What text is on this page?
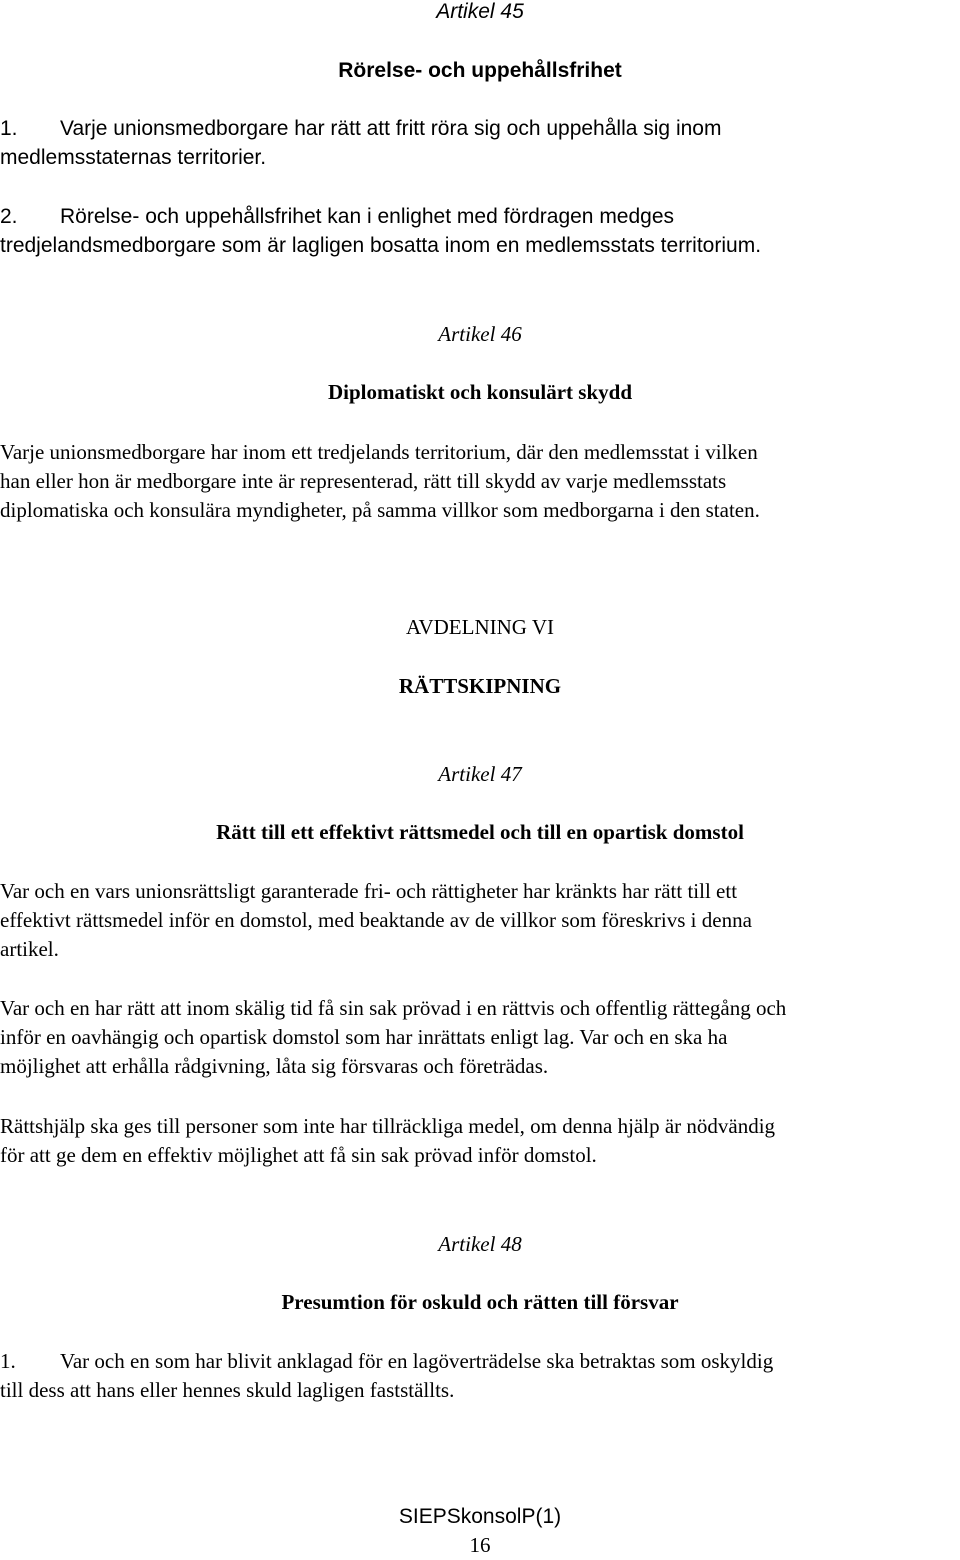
Artikel 45
Rörelse- och uppehållsfrihet
1. Varje unionsmedborgare har rätt att fritt röra sig och uppehålla sig inom
medlemsstaternas territorier.
2. Rörelse- och uppehållsfrihet kan i enlighet med fördragen medges
tredjelandsmedborgare som är lagligen bosatta inom en medlemsstats territorium.
Artikel 46
Diplomatiskt och konsulärt skydd
Varje unionsmedborgare har inom ett tredjelands territorium, där den medlemsstat i vilken
han eller hon är medborgare inte är representerad, rätt till skydd av varje medlemsstats
diplomatiska och konsulära myndigheter, på samma villkor som medborgarna i den staten.
AVDELNING VI
RÄTTSKIPNING
Artikel 47
Rätt till ett effektivt rättsmedel och till en opartisk domstol
Var och en vars unionsrättsligt garanterade fri- och rättigheter har kränkts har rätt till ett
effektivt rättsmedel inför en domstol, med beaktande av de villkor som föreskrivs i denna
artikel.
Var och en har rätt att inom skälig tid få sin sak prövad i en rättvis och offentlig rättegång och
inför en oavhängig och opartisk domstol som har inrättats enligt lag. Var och en ska ha
möjlighet att erhålla rådgivning, låta sig försvaras och företrädas.
Rättshjälp ska ges till personer som inte har tillräckliga medel, om denna hjälp är nödvändig
för att ge dem en effektiv möjlighet att få sin sak prövad inför domstol.
Artikel 48
Presumtion för oskuld och rätten till försvar
1. Var och en som har blivit anklagad för en lagöverträdelse ska betraktas som oskyldig
till dess att hans eller hennes skuld lagligen fastställts.
SIEPSkonsolP(1)
16
